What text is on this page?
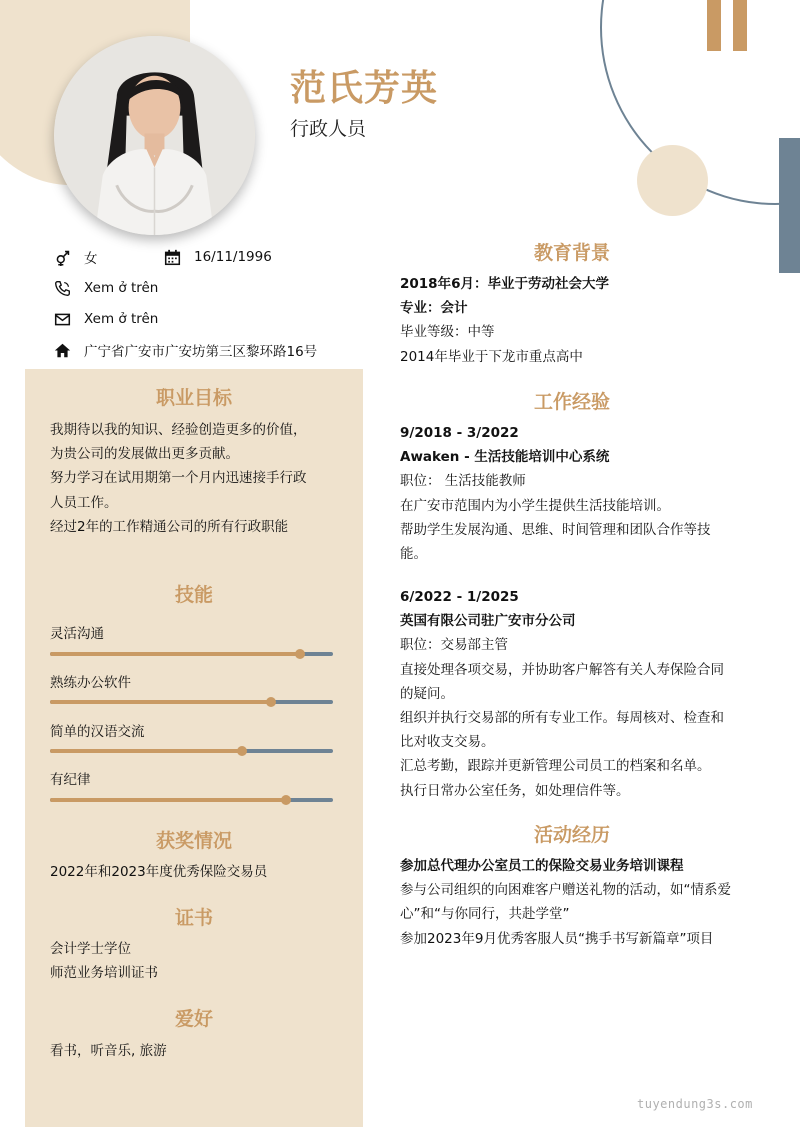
范氏芳英
行政人员
女	16/11/1996
Xem ở trên
Xem ở trên
广宁省广安市广安坊第三区黎环路16号
职业目标
我期待以我的知识、经验创造更多的价值，
为贵公司的发展做出更多贡献。
努力学习在试用期第一个月内迅速接手行政
人员工作。
经过2年的工作精通公司的所有行政职能
技能
灵活沟通
熟练办公软件
简单的汉语交流
有纪律
获奖情况
2022年和2023年度优秀保险交易员
证书
会计学士学位
师范业务培训证书
爱好
看书，听音乐, 旅游
教育背景
2018年6月：毕业于劳动社会大学
专业：会计
毕业等级：中等
2014年毕业于下龙市重点高中
工作经验
9/2018 - 3/2022
Awaken - 生活技能培训中心系统
职位： 生活技能教师
在广安市范围内为小学生提供生活技能培训。
帮助学生发展沟通、思维、时间管理和团队合作等技
能。
6/2022 - 1/2025
英国有限公司驻广安市分公司
职位：交易部主管
直接处理各项交易，并协助客户解答有关人寿保险合同
的疑问。
组织并执行交易部的所有专业工作。每周核对、检查和
比对收支交易。
汇总考勤，跟踪并更新管理公司员工的档案和名单。
执行日常办公室任务，如处理信件等。
活动经历
参加总代理办公室员工的保险交易业务培训课程
参与公司组织的向困难客户赠送礼物的活动，如“情系爱
心”和“与你同行，共赴学堂”
参加2023年9月优秀客服人员“携手书写新篇章”项目
tuyendung3s.com
